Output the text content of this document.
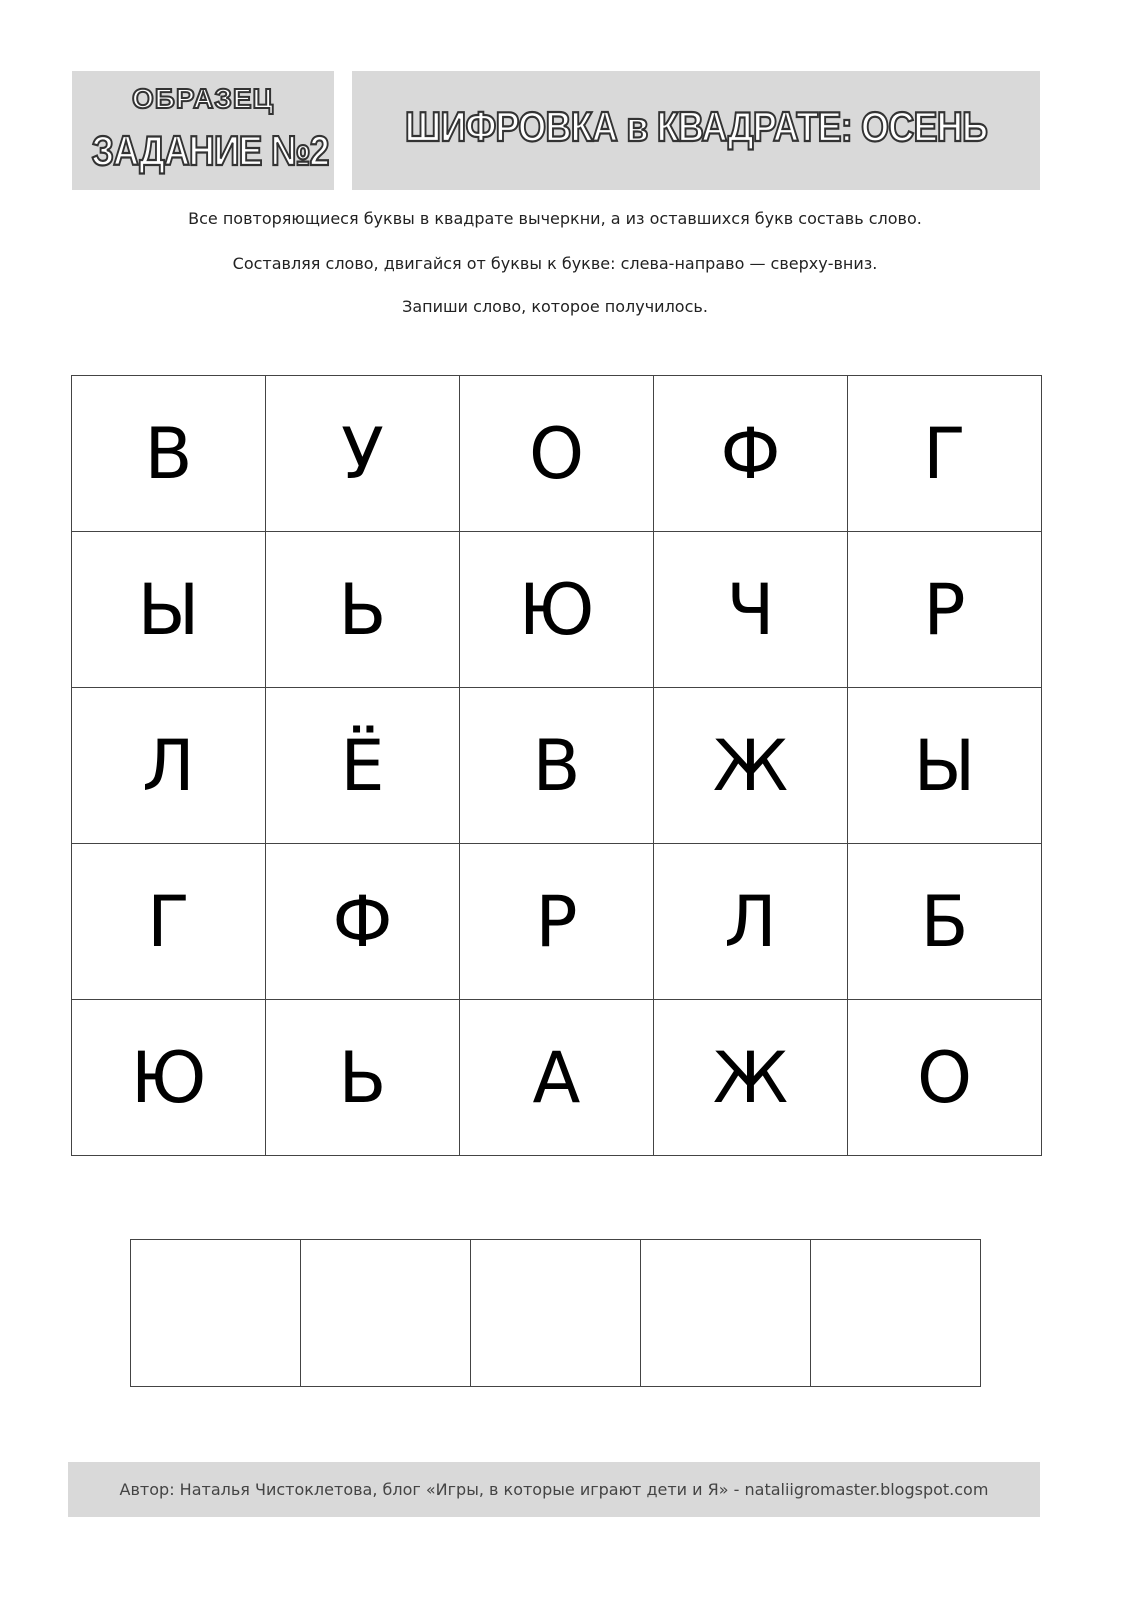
ОБРАЗЕЦ
ЗАДАНИЕ №2
ШИФРОВКА в КВАДРАТЕ: ОСЕНЬ
Все повторяющиеся буквы в квадрате вычеркни, а из оставшихся букв составь слово.
Составляя слово, двигайся от буквы к букве: слева-направо — сверху-вниз.
Запиши слово, которое получилось.
В	У	О	Ф	Г
Ы	Ь	Ю	Ч	Р
Л	Ё	В	Ж	Ы
Г	Ф	Р	Л	Б
Ю	Ь	А	Ж	О

Автор: Наталья Чистоклетова, блог «Игры, в которые играют дети и Я» - nataliigromaster.blogspot.com
